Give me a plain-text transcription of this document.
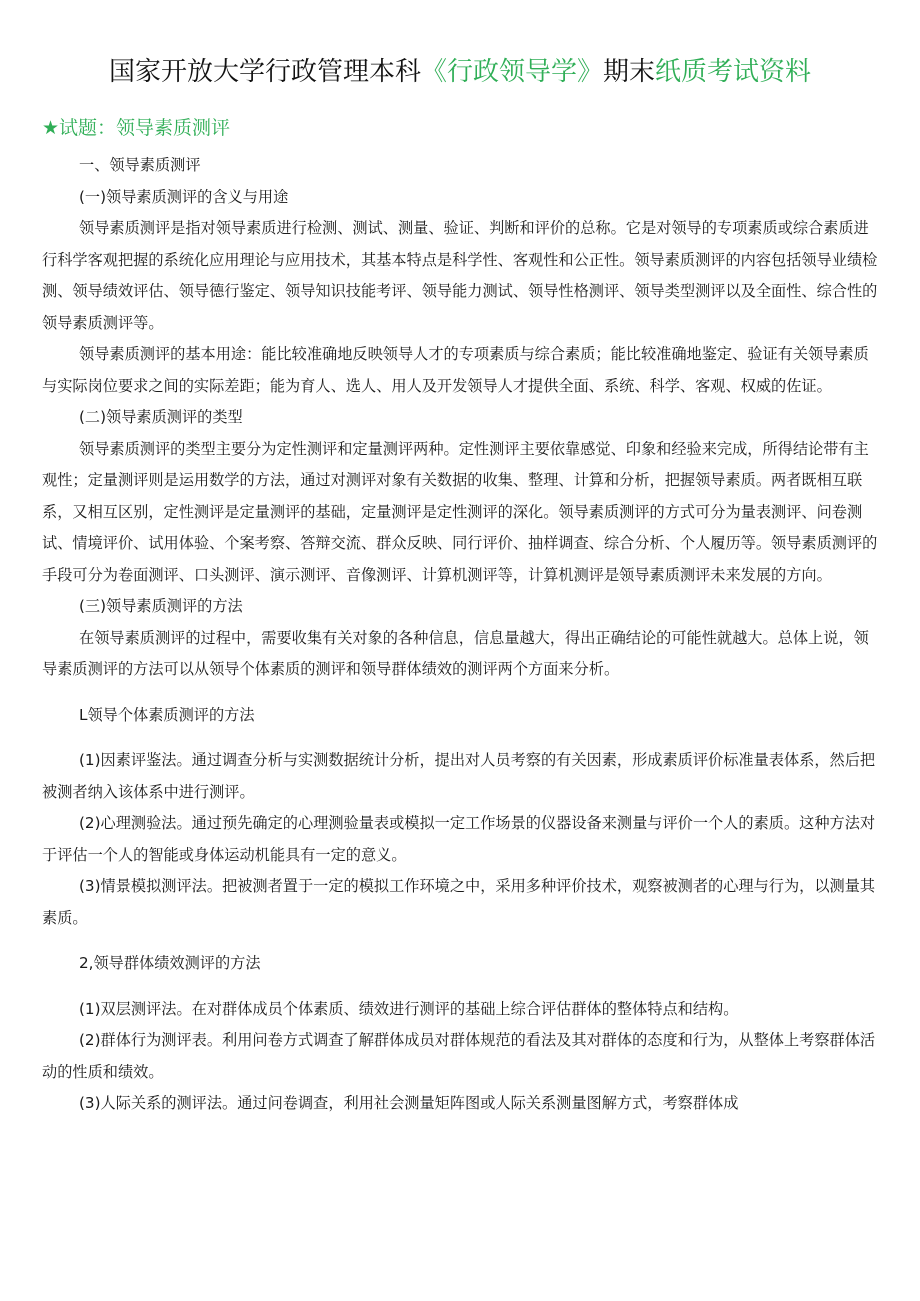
国家开放大学行政管理本科《行政领导学》期末纸质考试资料
★试题：领导素质测评

一、领导素质测评

(一)领导素质测评的含义与用途

领导素质测评是指对领导素质进行检测、测试、测量、验证、判断和评价的总称。它是对领导的专项素质或综合素质进行科学客观把握的系统化应用理论与应用技术，其基本特点是科学性、客观性和公正性。领导素质测评的内容包括领导业绩检测、领导绩效评估、领导德行鉴定、领导知识技能考评、领导能力测试、领导性格测评、领导类型测评以及全面性、综合性的领导素质测评等。

领导素质测评的基本用途：能比较准确地反映领导人才的专项素质与综合素质；能比较准确地鉴定、验证有关领导素质与实际岗位要求之间的实际差距；能为育人、选人、用人及开发领导人才提供全面、系统、科学、客观、权威的佐证。

(二)领导素质测评的类型

领导素质测评的类型主要分为定性测评和定量测评两种。定性测评主要依靠感觉、印象和经验来完成，所得结论带有主观性；定量测评则是运用数学的方法，通过对测评对象有关数据的收集、整理、计算和分析，把握领导素质。两者既相互联系，又相互区别，定性测评是定量测评的基础，定量测评是定性测评的深化。领导素质测评的方式可分为量表测评、问卷测试、情境评价、试用体验、个案考察、答辩交流、群众反映、同行评价、抽样调查、综合分析、个人履历等。领导素质测评的手段可分为卷面测评、口头测评、演示测评、音像测评、计算机测评等，计算机测评是领导素质测评未来发展的方向。

(三)领导素质测评的方法

在领导素质测评的过程中，需要收集有关对象的各种信息，信息量越大，得出正确结论的可能性就越大。总体上说，领导素质测评的方法可以从领导个体素质的测评和领导群体绩效的测评两个方面来分析。

L领导个体素质测评的方法

(1)因素评鉴法。通过调查分析与实测数据统计分析，提出对人员考察的有关因素，形成素质评价标准量表体系，然后把被测者纳入该体系中进行测评。

(2)心理测验法。通过预先确定的心理测验量表或模拟一定工作场景的仪器设备来测量与评价一个人的素质。这种方法对于评估一个人的智能或身体运动机能具有一定的意义。

(3)情景模拟测评法。把被测者置于一定的模拟工作环境之中，采用多种评价技术，观察被测者的心理与行为，以测量其素质。

2,领导群体绩效测评的方法

(1)双层测评法。在对群体成员个体素质、绩效进行测评的基础上综合评估群体的整体特点和结构。

(2)群体行为测评表。利用问卷方式调查了解群体成员对群体规范的看法及其对群体的态度和行为，从整体上考察群体活动的性质和绩效。

(3)人际关系的测评法。通过问卷调查，利用社会测量矩阵图或人际关系测量图解方式，考察群体成
